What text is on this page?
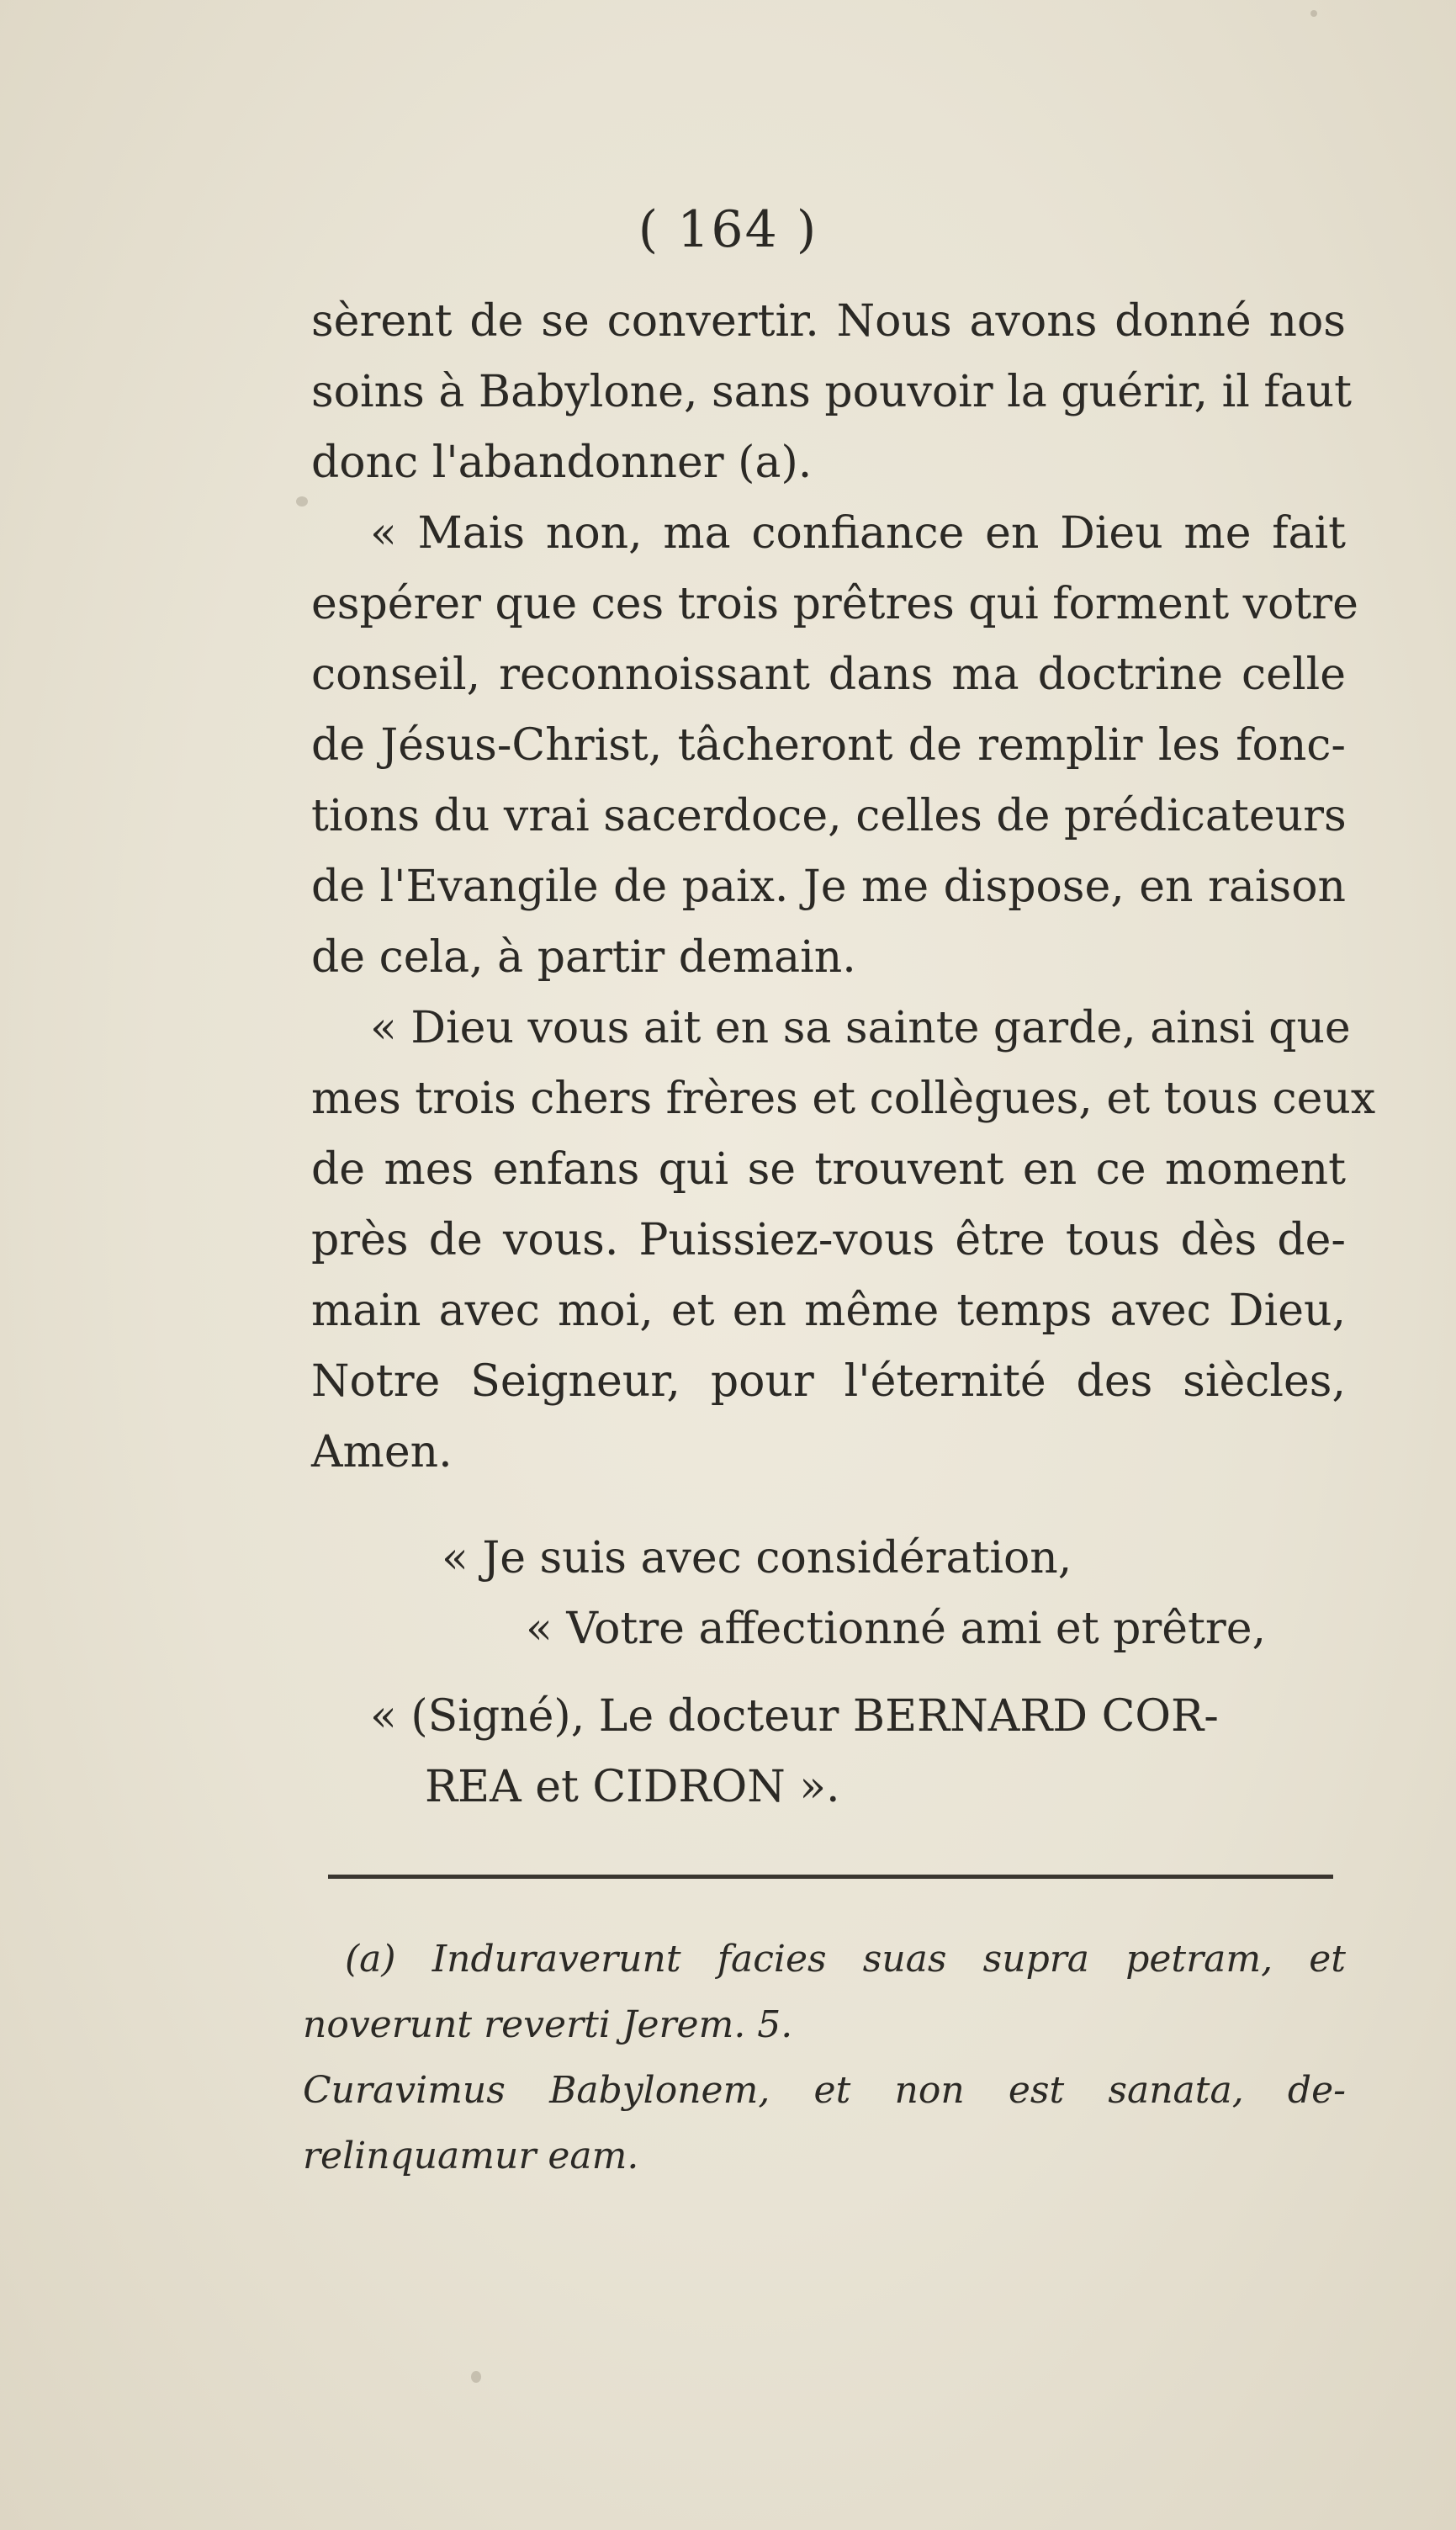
( 164 )
sèrent de se convertir. Nous avons donné nos
soins à Babylone, sans pouvoir la guérir, il faut
donc l'abandonner (a).
« Mais non, ma confiance en Dieu me fait
espérer que ces trois prêtres qui forment votre
conseil, reconnoissant dans ma doctrine celle
de Jésus-Christ, tâcheront de remplir les fonc-
tions du vrai sacerdoce, celles de prédicateurs
de l'Evangile de paix. Je me dispose, en raison
de cela, à partir demain.
« Dieu vous ait en sa sainte garde, ainsi que
mes trois chers frères et collègues, et tous ceux
de mes enfans qui se trouvent en ce moment
près de vous. Puissiez-vous être tous dès de-
main avec moi, et en même temps avec Dieu,
Notre Seigneur, pour l'éternité des siècles,
Amen.
« Je suis avec considération,
« Votre affectionné ami et prêtre,
« (Signé), Le docteur BERNARD COR-
REA et CIDRON ».
(a) Induraverunt facies suas supra petram, et
noverunt reverti Jerem. 5.
Curavimus Babylonem, et non est sanata, de-
relinquamur eam.
